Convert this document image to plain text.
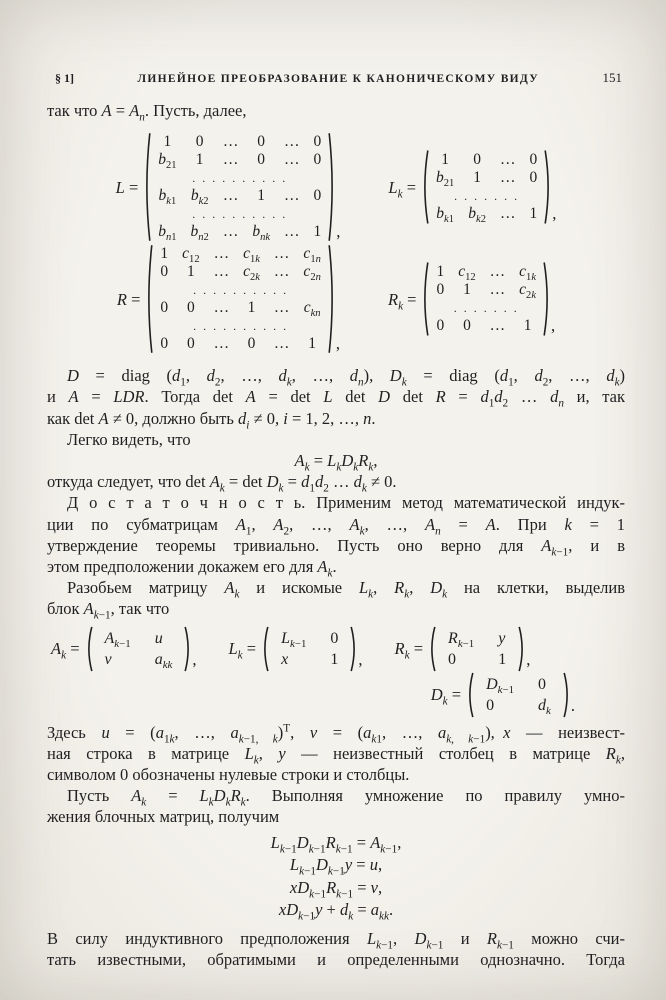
§ 1]	ЛИНЕЙНОЕ ПРЕОБРАЗОВАНИЕ К КАНОНИЧЕСКОМУ ВИДУ	151
так что $A = A_n$. Пусть, далее,
L =
1	0	…	0	…	0
$b_{21}$	1	…	0	…	0
. . . . . . . . . .					
$b_{k1}$	$b_{k2}$	…	1	…	0
. . . . . . . . . .					
$b_{n1}$	$b_{n2}$	…	$b_{nk}$	…	1 ,
$L_k$ =
1	0	…	0
$b_{21}$	1	…	0
. . . . . . .			
$b_{k1}$	$b_{k2}$	…	1 ,
R =
1	$c_{12}$	…	$c_{1k}$	…	$c_{1n}$
0	1	…	$c_{2k}$	…	$c_{2n}$
. . . . . . . . . .					
0	0	…	1	…	$c_{kn}$
. . . . . . . . . .					
0	0	…	0	…	1 ,
$R_k$ =
1	$c_{12}$	…	$c_{1k}$
0	1	…	$c_{2k}$
. . . . . . .			
0	0	…	1 ,
D = diag ($d_1$, $d_2$, …, $d_k$, …, $d_n$), $D_k$ = diag ($d_1$, $d_2$, …, $d_k$)
и A = LDR. Тогда det A = det L det D $\det R = d_1d_2$ … $d_n$ и, так
как det A ≠ 0, должно быть $d_i \ne 0$, i = 1, 2, …, n.
Легко видеть, что
$A_k = L_kD_kR_k$,
откуда следует, что $\det A_k = \det D_k = d_1d_2$ … $d_k \ne 0$.
Д о с т а т о ч н о с т ь. Применим метод математической индук-
ции по субматрицам $A_1$, $A_2$, …, $A_k$, …, $A_n = A$. При k = 1
утверждение теоремы тривиально. Пусть оно верно для $A_{k-1}$, и в
этом предположении докажем его для $A_k$.
Разобьем матрицу $A_k$ и искомые $L_k$, $R_k$, $D_k$ на клетки, выделив
блок $A_{k-1}$, так что
$A_k$ =
$A_{k-1}$	u
v	$a_{kk}$ ,
$L_k$ =
$L_{k-1}$	0
x	1 ,
$R_k$ =
$R_{k-1}$	y
0	1 ,
$D_k$ =
$D_{k-1}$	0
0	$d_k$ .
Здесь $u = (a_{1k}$, …, $a_{k-1, k})^T$, $v = (a_{k1}$, …, $a_{k, k-1}$), x — неизвест-
ная строка в матрице $L_k$, y — неизвестный столбец в матрице $R_k$,
символом 0 обозначены нулевые строки и столбцы.
Пусть $A_k = L_kD_kR_k$. Выполняя умножение по правилу умно-
жения блочных матриц, получим
$L_{k-1}D_{k-1}R_{k-1} = A_{k-1}$,
$L_{k-1}D_{k-1}y = u$,
$xD_{k-1}R_{k-1} = v$,
$xD_{k-1}y + d_k = a_{kk}$.
В силу индуктивного предположения $L_{k-1}$, $D_{k-1}$ и $R_{k-1}$ можно счи-
тать известными, обратимыми и определенными однозначно. Тогда
